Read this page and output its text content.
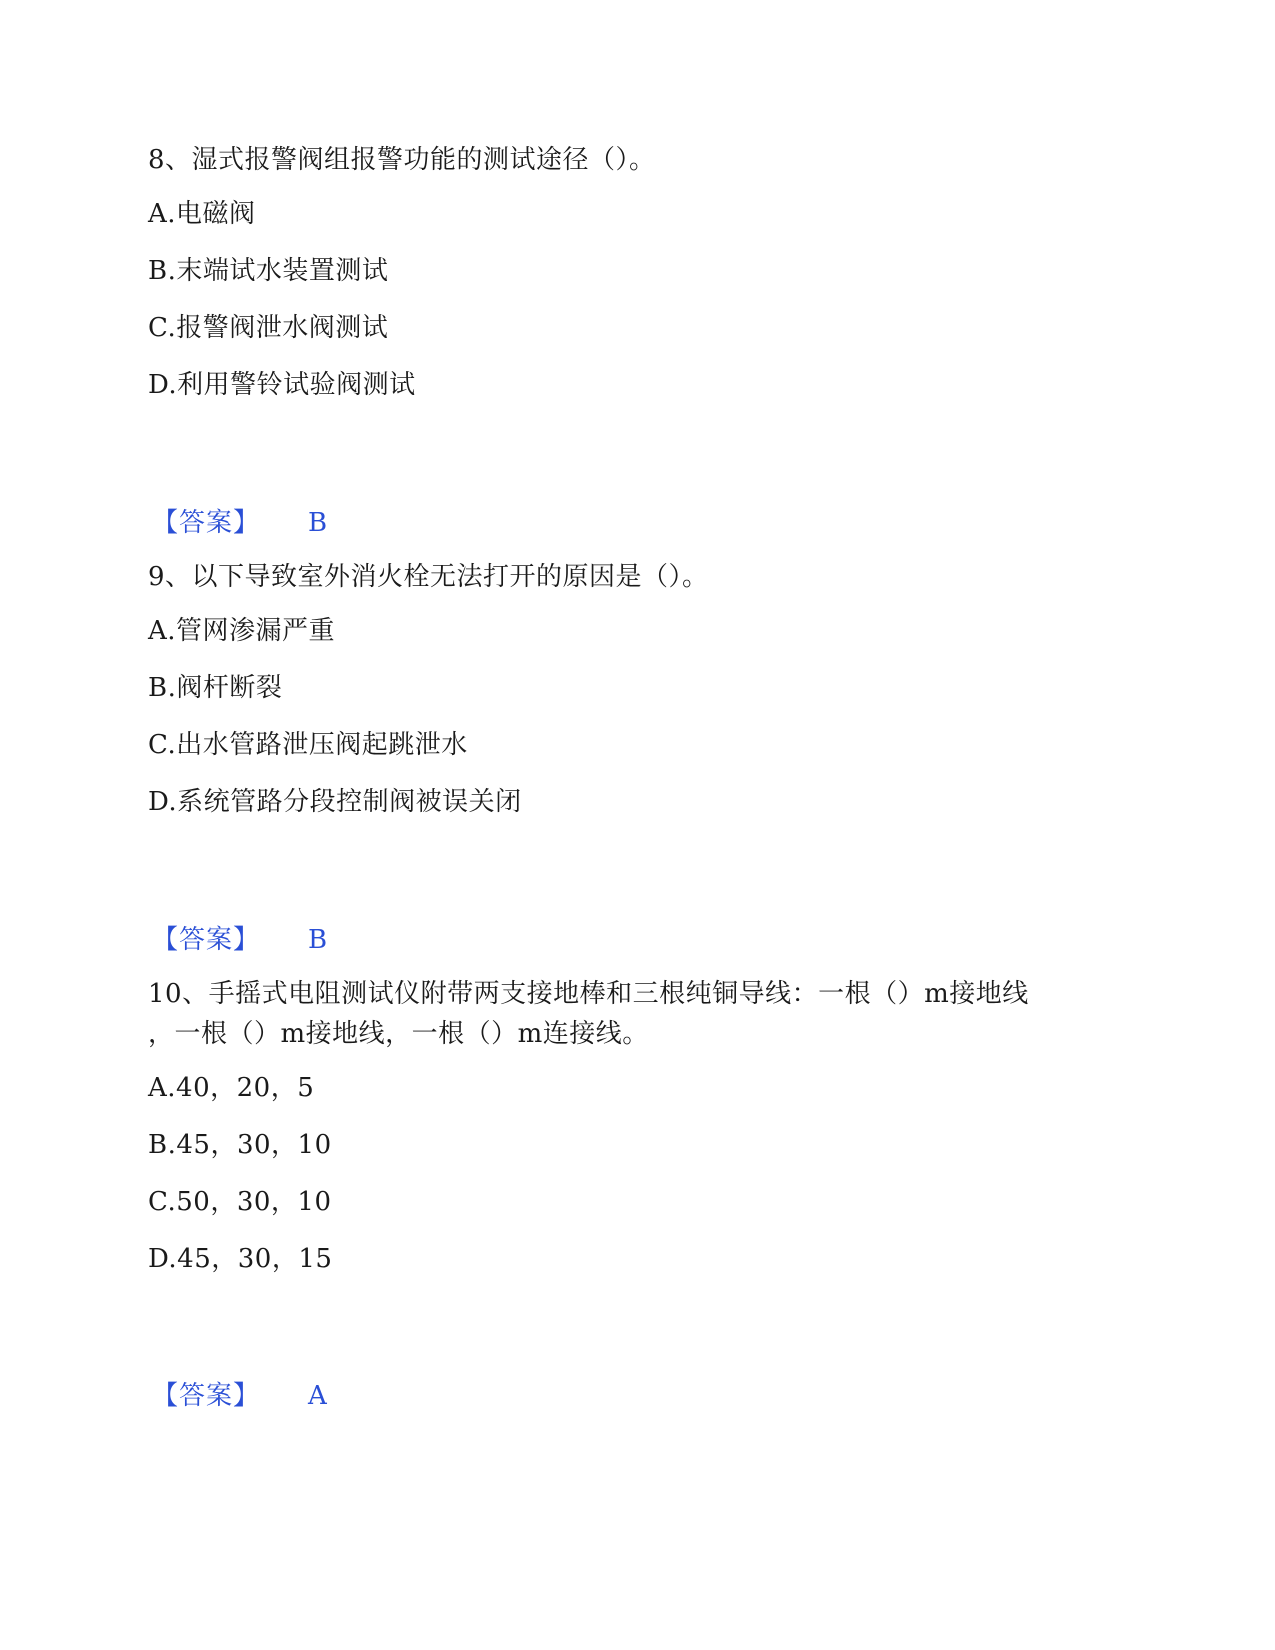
8、湿式报警阀组报警功能的测试途径（）。
A.电磁阀
B.末端试水装置测试
C.报警阀泄水阀测试
D.利用警铃试验阀测试
【答案】 B
9、以下导致室外消火栓无法打开的原因是（）。
A.管网渗漏严重
B.阀杆断裂
C.出水管路泄压阀起跳泄水
D.系统管路分段控制阀被误关闭
【答案】 B
10、手摇式电阻测试仪附带两支接地棒和三根纯铜导线：一根（）m接地线
，一根（）m接地线，一根（）m连接线。
A.40，20，5
B.45，30，10
C.50，30，10
D.45，30，15
【答案】 A
